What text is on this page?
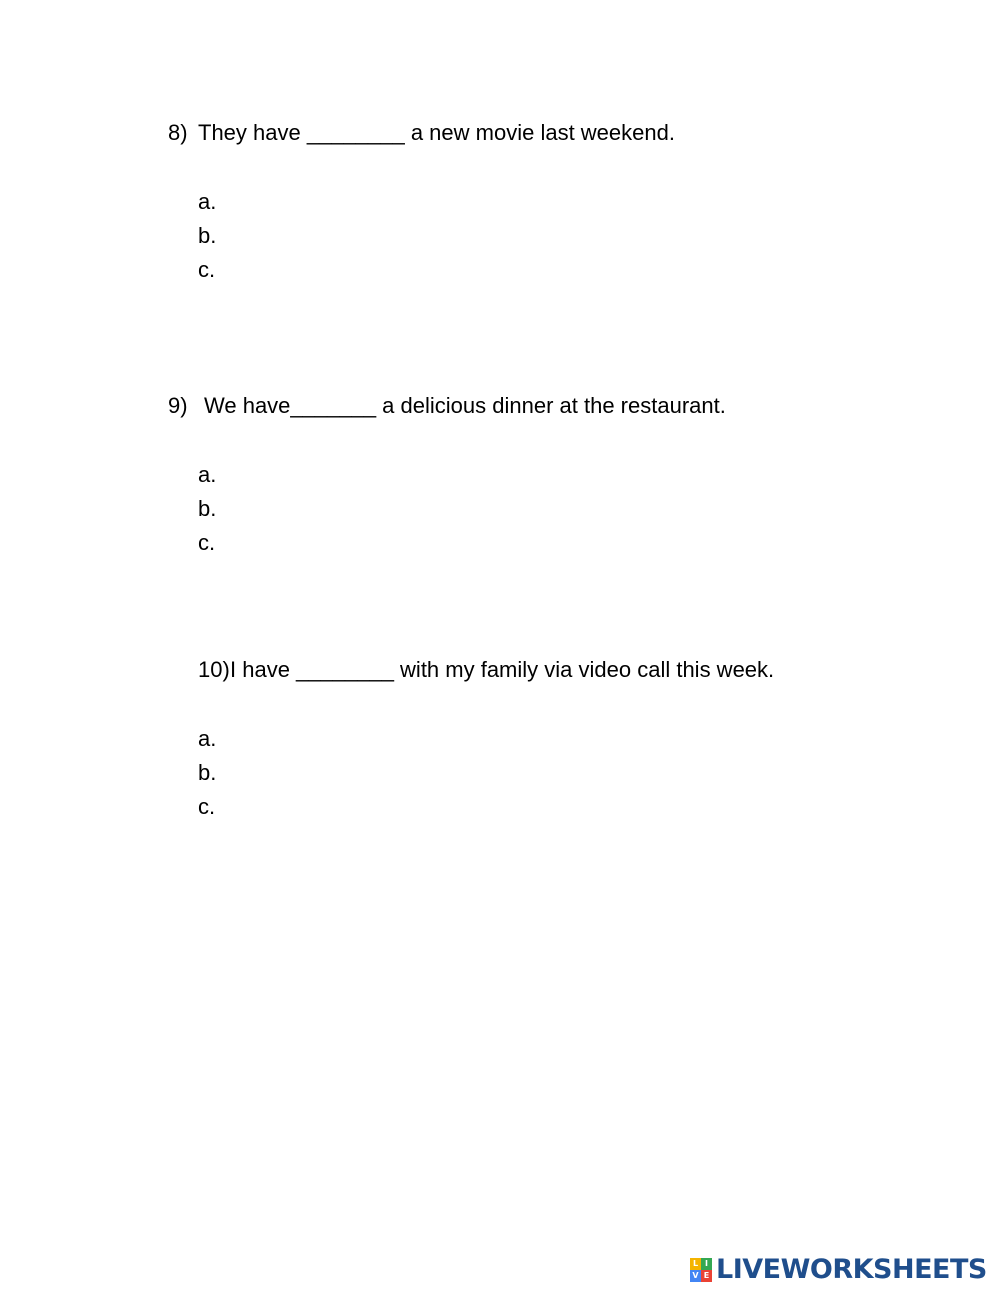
8) They have ________ a new movie last weekend.
a.
b.
c.
9) We have_______ a delicious dinner at the restaurant.
a.
b.
c.
10) I have ________ with my family via video call this week.
a.
b.
c.
L I
V E LIVEWORKSHEETS
